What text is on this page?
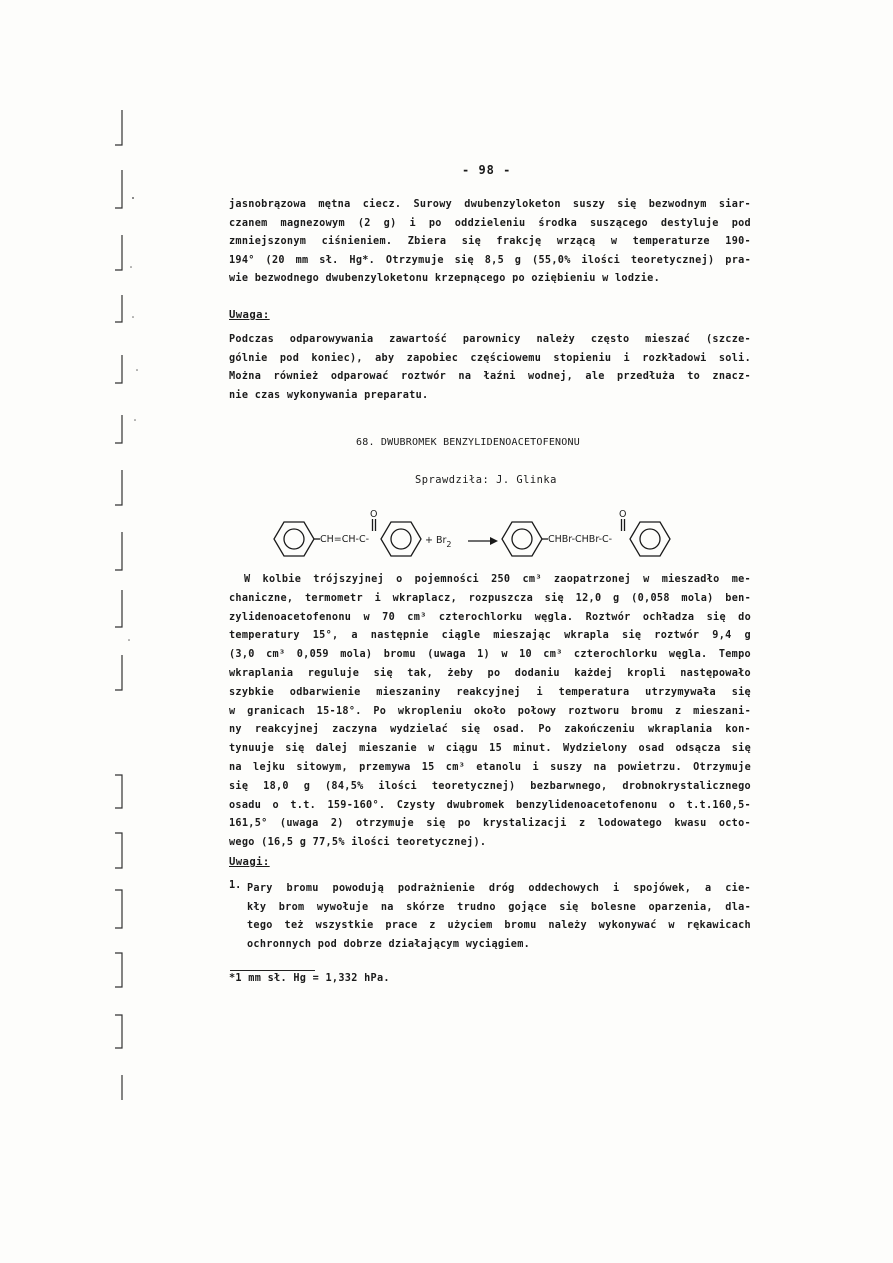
- 98 -
jasnobrązowa mętna ciecz. Surowy dwubenzyloketon suszy się bezwodnym siar-
czanem magnezowym (2 g) i po oddzieleniu środka suszącego destyluje pod
zmniejszonym ciśnieniem. Zbiera się frakcję wrzącą w temperaturze 190-
194° (20 mm sł. Hg*. Otrzymuje się 8,5 g (55,0% ilości teoretycznej) pra-
wie bezwodnego dwubenzyloketonu krzepnącego po oziębieniu w lodzie.
Uwaga:
Podczas odparowywania zawartość parownicy należy często mieszać (szcze-
gólnie pod koniec), aby zapobiec częściowemu stopieniu i rozkładowi soli.
Można również odparować roztwór na łaźni wodnej, ale przedłuża to znacz-
nie czas wykonywania preparatu.
68. DWUBROMEK BENZYLIDENOACETOFENONU
Sprawdziła: J. Glinka
O
CH=CH-C-	+ $Br_2$
O
CHBr-CHBr-C-
W kolbie trójszyjnej o pojemności 250 cm³ zaopatrzonej w mieszadło me-
chaniczne, termometr i wkraplacz, rozpuszcza się 12,0 g (0,058 mola) ben-
zylidenoacetofenonu w 70 cm³ czterochlorku węgla. Roztwór ochładza się do
temperatury 15°, a następnie ciągle mieszając wkrapla się roztwór 9,4 g
(3,0 cm³ 0,059 mola) bromu (uwaga 1) w 10 cm³ czterochlorku węgla. Tempo
wkraplania reguluje się tak, żeby po dodaniu każdej kropli następowało
szybkie odbarwienie mieszaniny reakcyjnej i temperatura utrzymywała się
w granicach 15-18°. Po wkropleniu około połowy roztworu bromu z mieszani-
ny reakcyjnej zaczyna wydzielać się osad. Po zakończeniu wkraplania kon-
tynuuje się dalej mieszanie w ciągu 15 minut. Wydzielony osad odsącza się
na lejku sitowym, przemywa 15 cm³ etanolu i suszy na powietrzu. Otrzymuje
się 18,0 g (84,5% ilości teoretycznej) bezbarwnego, drobnokrystalicznego
osadu o t.t. 159-160°. Czysty dwubromek benzylidenoacetofenonu o t.t.160,5-
161,5° (uwaga 2) otrzymuje się po krystalizacji z lodowatego kwasu octo-
wego (16,5 g 77,5% ilości teoretycznej).
Uwagi:
1. Pary bromu powodują podrażnienie dróg oddechowych i spojówek, a cie-
kły brom wywołuje na skórze trudno gojące się bolesne oparzenia, dla-
tego też wszystkie prace z użyciem bromu należy wykonywać w rękawicach
ochronnych pod dobrze działającym wyciągiem.
*1 mm sł. Hg = 1,332 hPa.
